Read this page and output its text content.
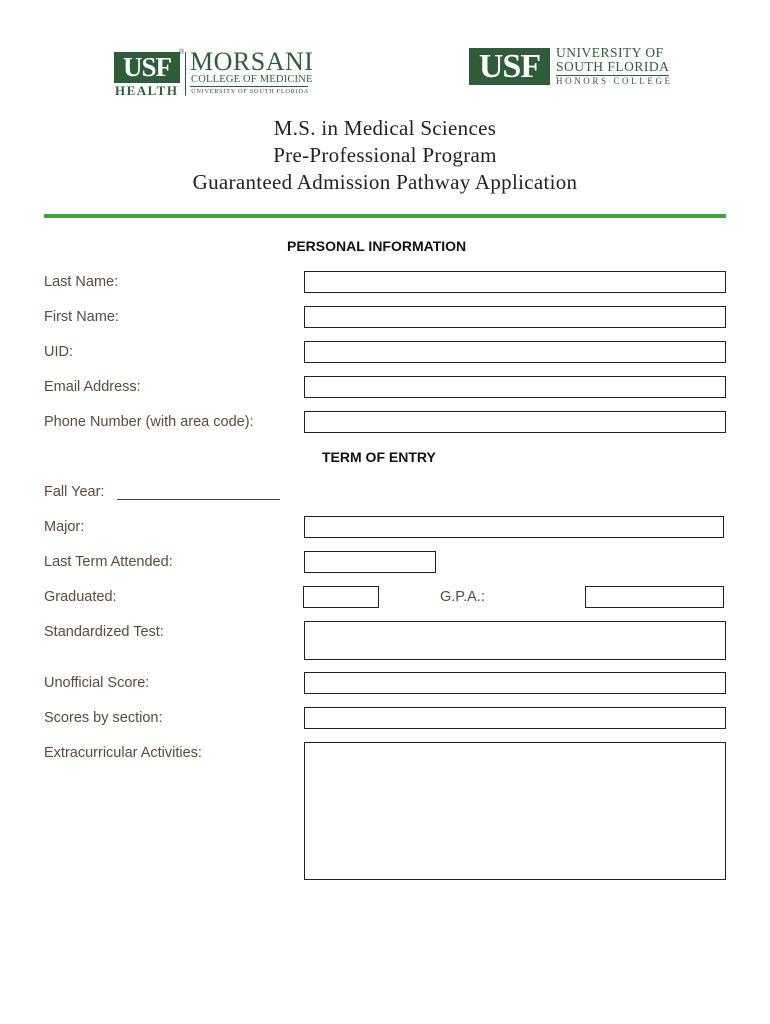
USF	®
HEALTH
MORSANI
COLLEGE OF MEDICINE
UNIVERSITY OF SOUTH FLORIDA
USF	UNIVERSITY OF
SOUTH FLORIDA
HONORS COLLEGE
M.S. in Medical Sciences
Pre-Professional Program
Guaranteed Admission Pathway Application
PERSONAL INFORMATION
Last Name:
First Name:
UID:
Email Address:
Phone Number (with area code):
TERM OF ENTRY
Fall Year:
Major:
Last Term Attended:
Graduated:	G.P.A.:
Standardized Test:
Unofficial Score:
Scores by section:
Extracurricular Activities:
